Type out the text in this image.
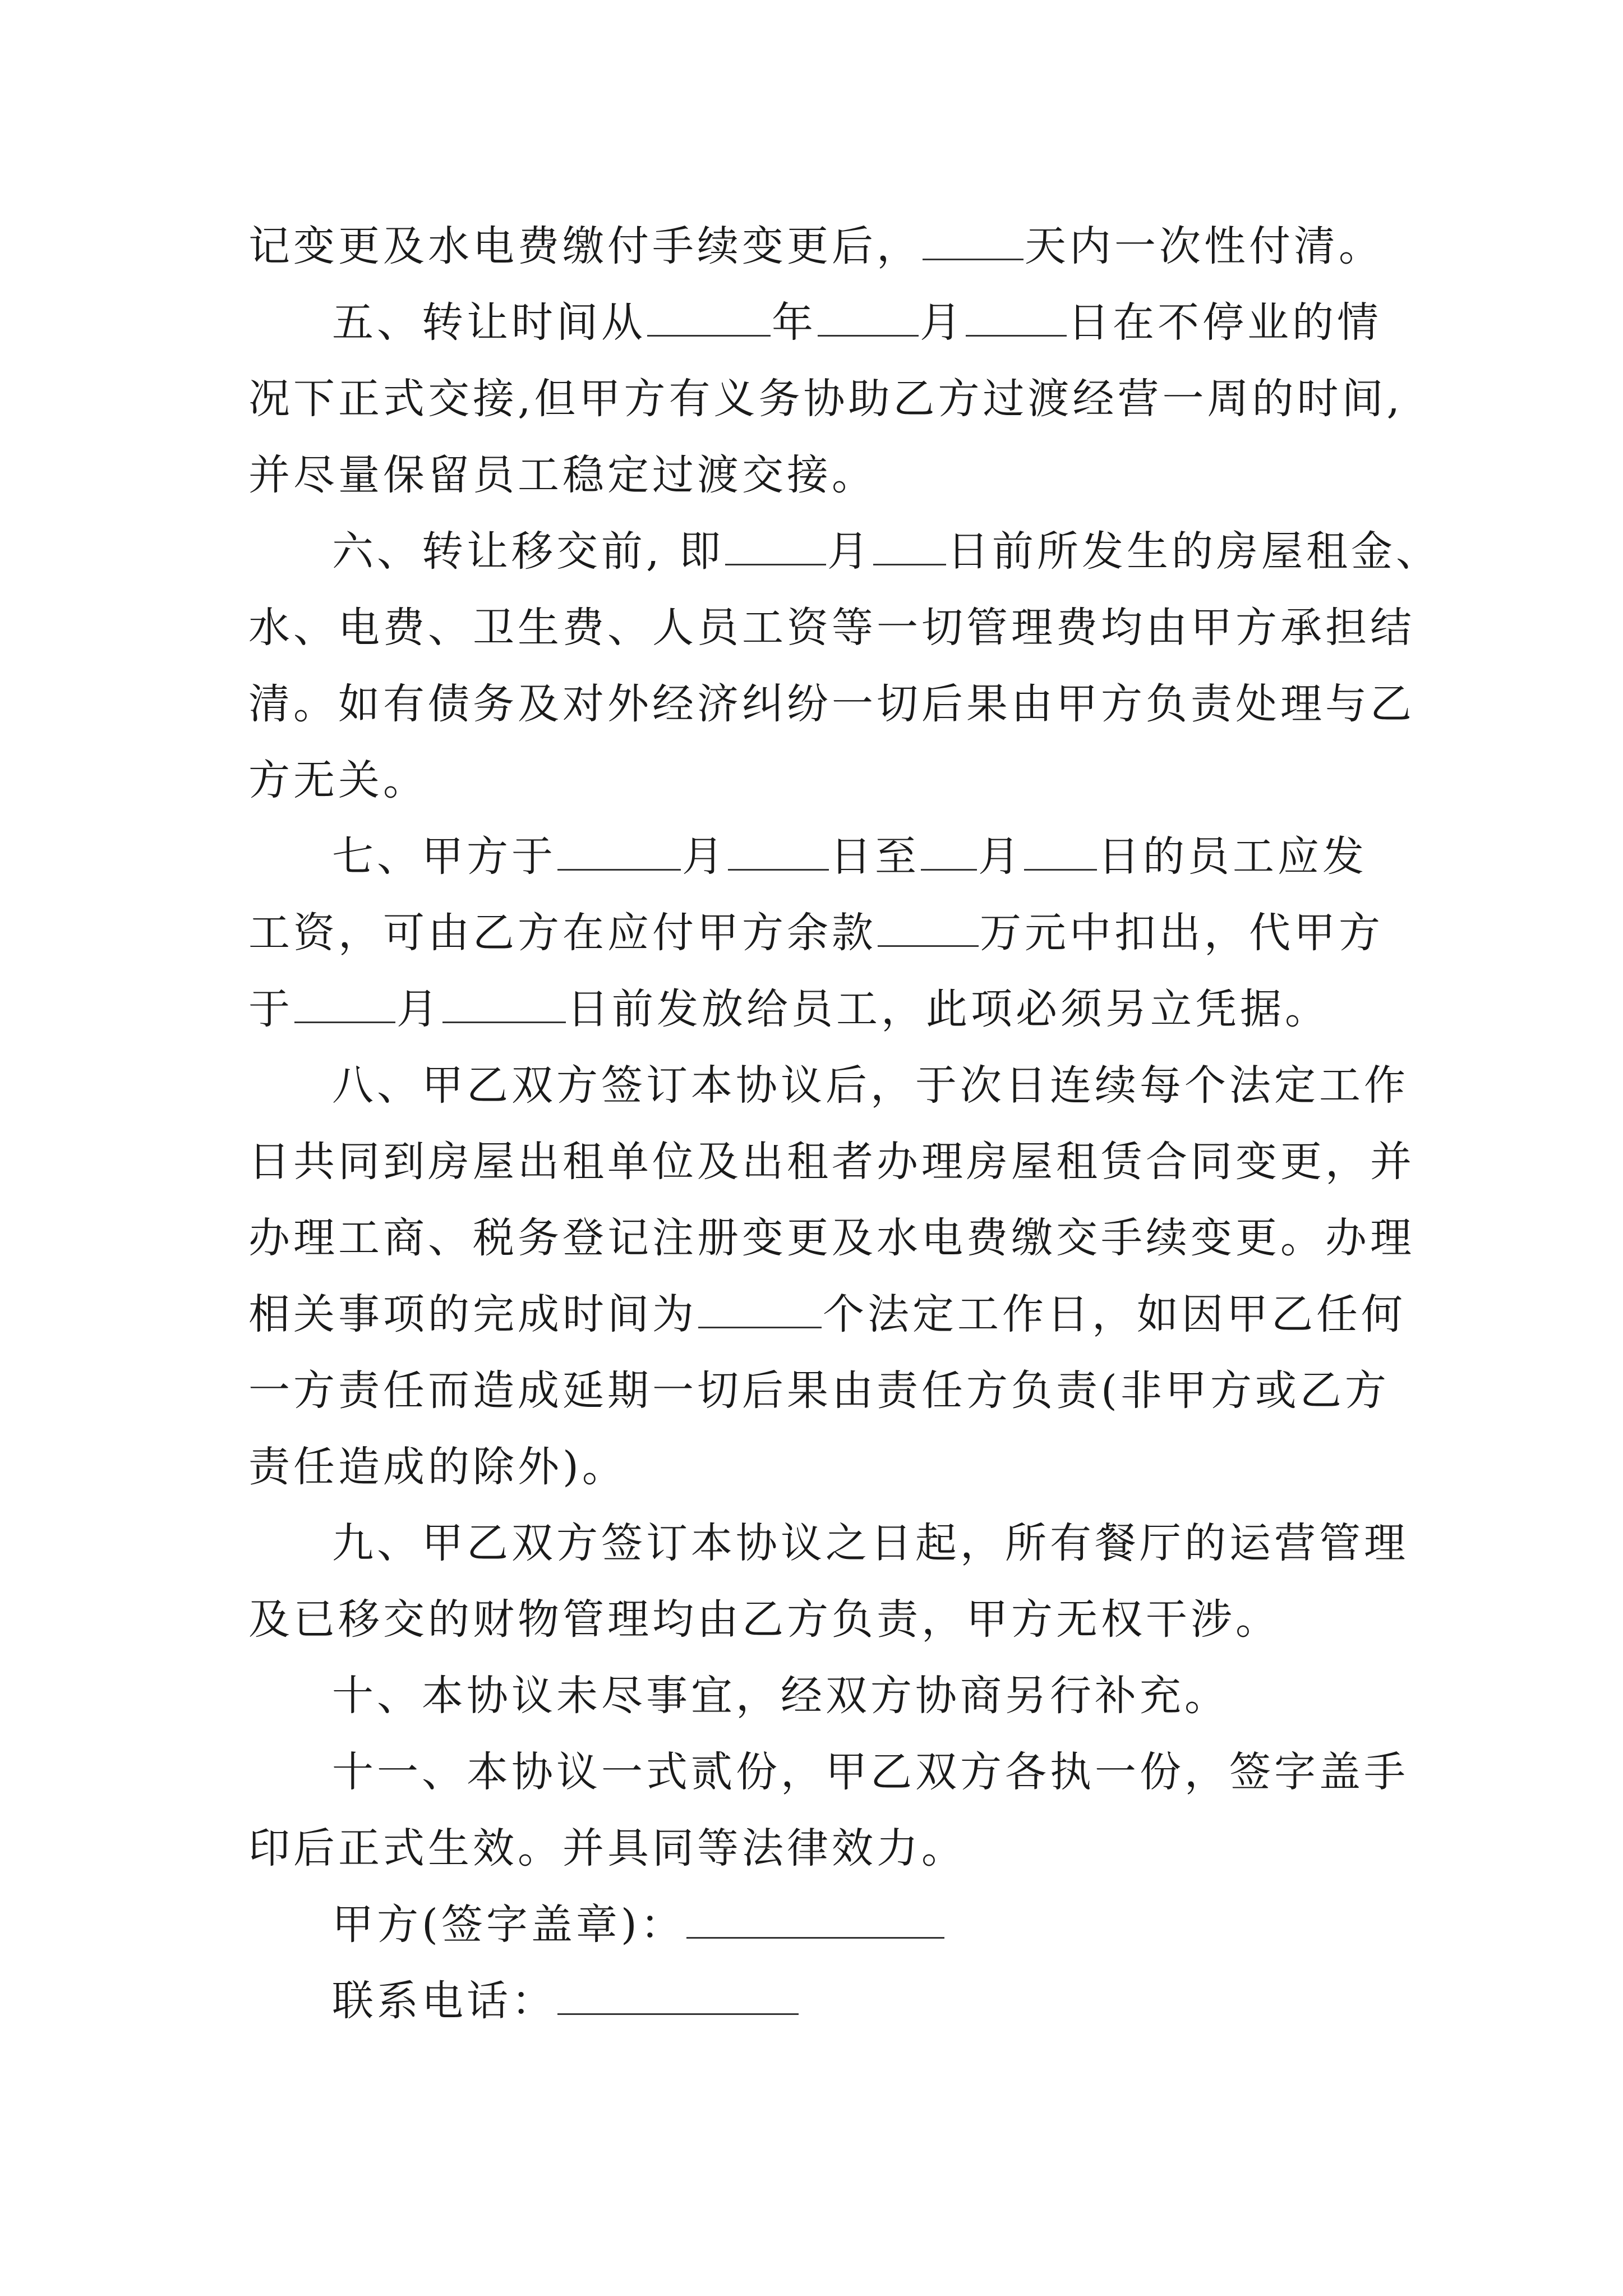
记变更及水电费缴付手续变更后， 天内一次性付清。
五、转让时间从	年 月 日在不停业的情
况下正式交接,但甲方有义务协助乙方过渡经营一周的时间,
并尽量保留员工稳定过渡交接。
六、转让移交前, 即 月 日前所发生的房屋租金、
水、电费、卫生费、人员工资等一切管理费均由甲方承担结
清。如有债务及对外经济纠纷一切后果由甲方负责处理与乙
方无关。
七、甲方于	月 日至 月 日的员工应发
工资，可由乙方在应付甲方余款 万元中扣出，代甲方
于 月	日前发放给员工，此项必须另立凭据。
八、甲乙双方签订本协议后，于次日连续每个法定工作
日共同到房屋出租单位及出租者办理房屋租赁合同变更，并
办理工商、税务登记注册变更及水电费缴交手续变更。办理
相关事项的完成时间为	个法定工作日，如因甲乙任何
一方责任而造成延期一切后果由责任方负责(非甲方或乙方
责任造成的除外)。
九、甲乙双方签订本协议之日起，所有餐厅的运营管理
及已移交的财物管理均由乙方负责，甲方无权干涉。
十、本协议未尽事宜，经双方协商另行补充。
十一、本协议一式贰份，甲乙双方各执一份，签字盖手
印后正式生效。并具同等法律效力。
甲方(签字盖章)：
联系电话：
